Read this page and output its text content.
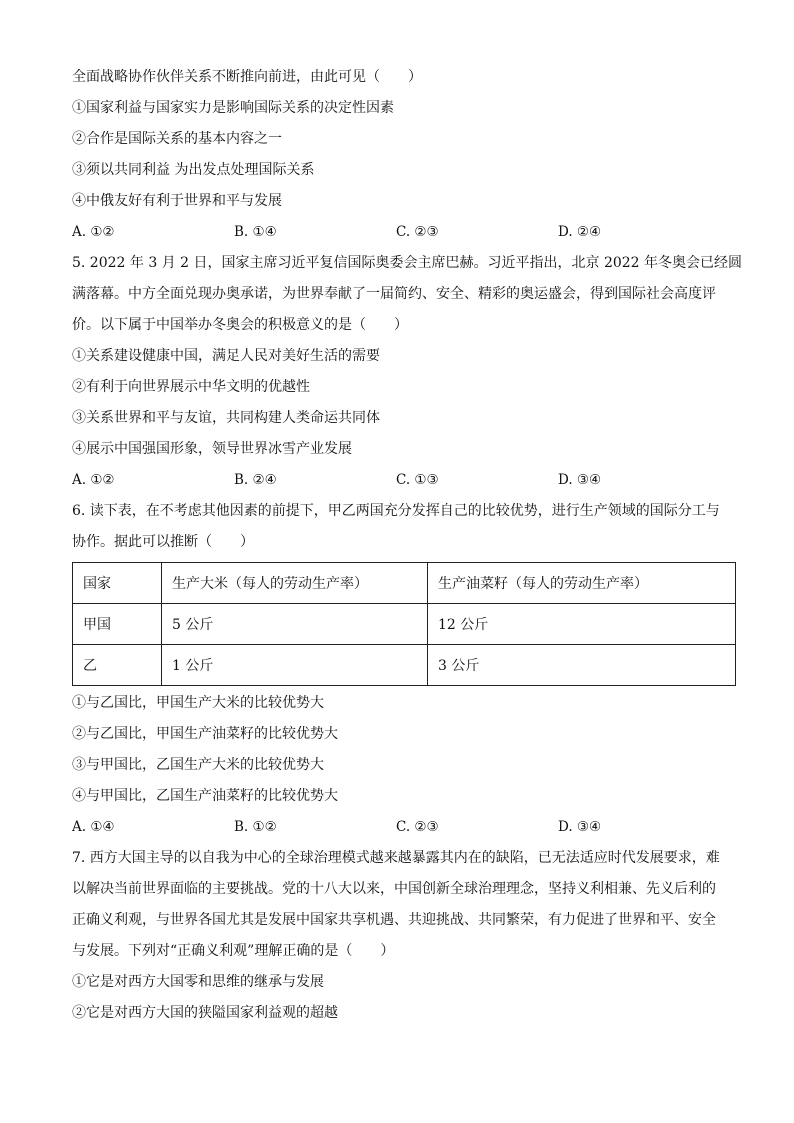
全面战略协作伙伴关系不断推向前进，由此可见（　　）
①国家利益与国家实力是影响国际关系的决定性因素
②合作是国际关系的基本内容之一
③须以共同利益 为出发点处理国际关系
④中俄友好有利于世界和平与发展
A. ①②	B. ①④	C. ②③	D. ②④
5. 2022 年 3 月 2 日，国家主席习近平复信国际奥委会主席巴赫。习近平指出，北京 2022 年冬奥会已经圆
满落幕。中方全面兑现办奥承诺，为世界奉献了一届简约、安全、精彩的奥运盛会，得到国际社会高度评
价。以下属于中国举办冬奥会的积极意义的是（　　）
①关系建设健康中国，满足人民对美好生活的需要
②有利于向世界展示中华文明的优越性
③关系世界和平与友谊，共同构建人类命运共同体
④展示中国强国形象，领导世界冰雪产业发展
A. ①②	B. ②④	C. ①③	D. ③④
6. 读下表，在不考虑其他因素的前提下，甲乙两国充分发挥自己的比较优势，进行生产领域的国际分工与
协作。据此可以推断（　　）
国家	生产大米（每人的劳动生产率）	生产油菜籽（每人的劳动生产率）
甲国	5 公斤	12 公斤
乙	1 公斤	3 公斤
①与乙国比，甲国生产大米的比较优势大
②与乙国比，甲国生产油菜籽的比较优势大
③与甲国比，乙国生产大米的比较优势大
④与甲国比，乙国生产油菜籽的比较优势大
A. ①④	B. ①②	C. ②③	D. ③④
7. 西方大国主导的以自我为中心的全球治理模式越来越暴露其内在的缺陷，已无法适应时代发展要求，难
以解决当前世界面临的主要挑战。党的十八大以来，中国创新全球治理理念，坚持义利相兼、先义后利的
正确义利观，与世界各国尤其是发展中国家共享机遇、共迎挑战、共同繁荣，有力促进了世界和平、安全
与发展。下列对“正确义利观”理解正确的是（　　）
①它是对西方大国零和思维的继承与发展
②它是对西方大国的狭隘国家利益观的超越
